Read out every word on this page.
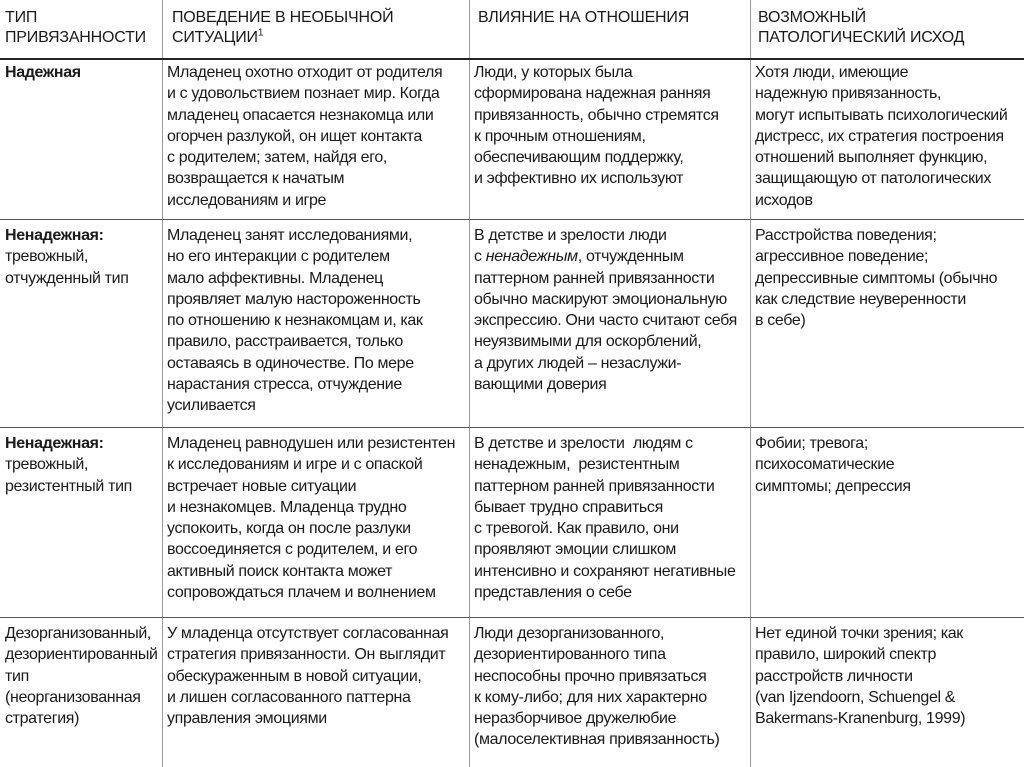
ТИП
ПРИВЯЗАННОСТИ
ПОВЕДЕНИЕ В НЕОБЫЧНОЙ
СИТУАЦИИ$^1$
ВЛИЯНИЕ НА ОТНОШЕНИЯ	ВОЗМОЖНЫЙ
ПАТОЛОГИЧЕСКИЙ ИСХОД
Надежная	Младенец охотно отходит от родителя
и с удовольствием познает мир. Когда
младенец опасается незнакомца или
огорчен разлукой, он ищет контакта
с родителем; затем, найдя его,
возвращается к начатым
исследованиям и игре
Люди, у которых была
сформирована надежная ранняя
привязанность, обычно стремятся
к прочным отношениям,
обеспечивающим поддержку,
и эффективно их используют
Хотя люди, имеющие
надежную привязанность,
могут испытывать психологический
дистресс, их стратегия построения
отношений выполняет функцию,
защищающую от патологических
исходов
Ненадежная:
тревожный,
отчужденный тип
Младенец занят исследованиями,
но его интеракции с родителем
мало аффективны. Младенец
проявляет малую настороженность
по отношению к незнакомцам и, как
правило, расстраивается, только
оставаясь в одиночестве. По мере
нарастания стресса, отчуждение
усиливается
В детстве и зрелости люди
с ненадежным, отчужденным
паттерном ранней привязанности
обычно маскируют эмоциональную
экспрессию. Они часто считают себя
неуязвимыми для оскорблений,
а других людей – незаслужи-
вающими доверия
Расстройства поведения;
агрессивное поведение;
депрессивные симптомы (обычно
как следствие неуверенности
в себе)
Ненадежная:
тревожный,
резистентный тип
Младенец равнодушен или резистентен
к исследованиям и игре и с опаской
встречает новые ситуации
и незнакомцев. Младенца трудно
успокоить, когда он после разлуки
воссоединяется с родителем, и его
активный поиск контакта может
сопровождаться плачем и волнением
В детстве и зрелости  людям с
ненадежным,  резистентным
паттерном ранней привязанности
бывает трудно справиться
с тревогой. Как правило, они
проявляют эмоции слишком
интенсивно и сохраняют негативные
представления о себе
Фобии; тревога;
психосоматические
симптомы; депрессия
Дезорганизованный,
дезориентированный
тип
(неорганизованная
стратегия)
У младенца отсутствует согласованная
стратегия привязанности. Он выглядит
обескураженным в новой ситуации,
и лишен согласованного паттерна
управления эмоциями
Люди дезорганизованного,
дезориентированного типа
неспособны прочно привязаться
к кому-либо; для них характерно
неразборчивое дружелюбие
(малоселективная привязанность)
Нет единой точки зрения; как
правило, широкий спектр
расстройств личности
(van Ijzendoorn, Schuengel &
Bakermans-Kranenburg, 1999)
